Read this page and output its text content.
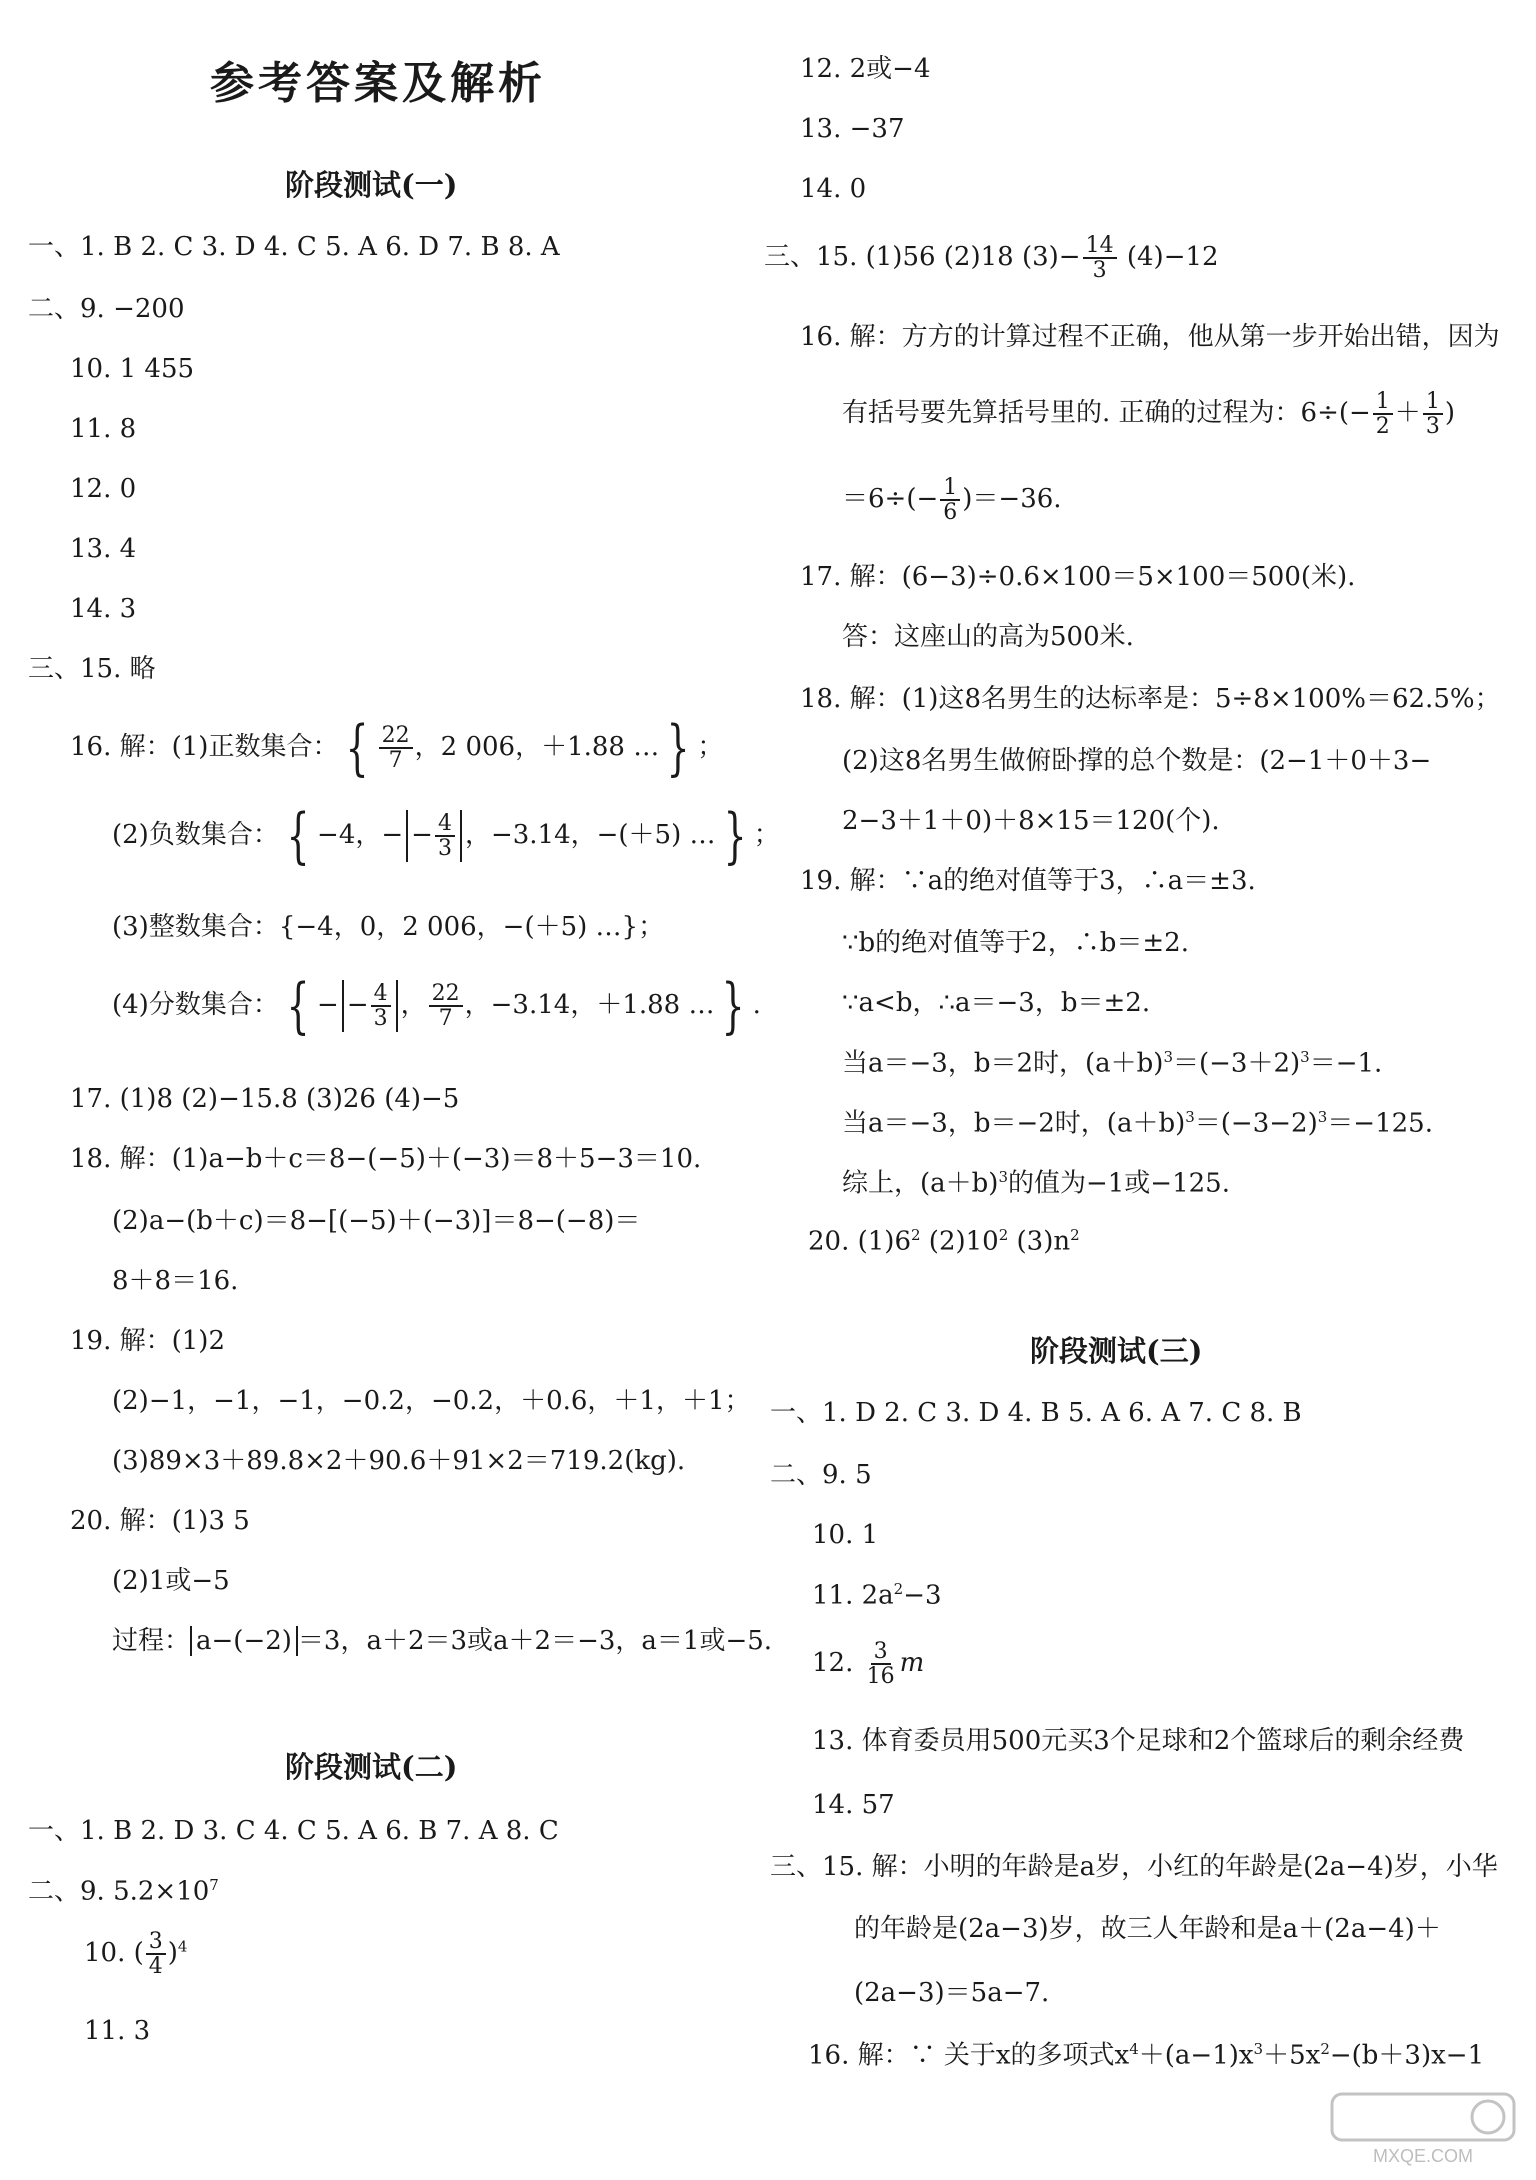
参考答案及解析
阶段测试(一)
一、1. B 2. C 3. D 4. C 5. A 6. D 7. B 8. A
二、9. −200
10. 1 455
11. 8
12. 0
13. 4
14. 3
三、15. 略
16. 解：(1)正数集合： { $\frac{22}{7}$ ，2 006，＋1.88 … } ；
(2)负数集合： { −4，− − $\frac{4}{3}$ ，−3.14，−(＋5) … } ；
(3)整数集合：{−4，0，2 006，−(＋5) …}；
(4)分数集合： { − − $\frac{4}{3}$ ， $\frac{22}{7}$ ，−3.14，＋1.88 … } .
17. (1)8 (2)−15.8 (3)26 (4)−5
18. 解：(1)a−b＋c＝8−(−5)＋(−3)＝8＋5−3＝10.
(2)a−(b＋c)＝8−[(−5)＋(−3)]＝8−(−8)＝
8＋8＝16.
19. 解：(1)2
(2)−1，−1，−1，−0.2，−0.2，＋0.6，＋1，＋1；
(3)89×3＋89.8×2＋90.6＋91×2＝719.2(kg).
20. 解：(1)3 5
(2)1或−5
过程： a−(−2) ＝3，a＋2＝3或a＋2＝−3，a＝1或−5.
阶段测试(二)
一、1. B 2. D 3. C 4. C 5. A 6. B 7. A 8. C
二、9. $5.2\times 10^7$
10. ( $\frac{3}{4} )^4$
11. 3
12. 2或−4
13. −37
14. 0
三、15. (1)56 (2)18 $(3)- \frac{14}{3} (4)-12$
16. 解：方方的计算过程不正确，他从第一步开始出错，因为
有括号要先算括号里的. 正确的过程为：$6\div(- \frac{1}{2} + \frac{1}{3}$ )
$=6\div(- \frac{1}{6} )=-36$.
17. 解：(6−3)÷0.6×100＝5×100＝500(米).
答：这座山的高为500米.
18. 解：(1)这8名男生的达标率是：5÷8×100%＝62.5%；
(2)这8名男生做俯卧撑的总个数是：(2−1＋0＋3−
2−3＋1＋0)＋8×15＝120(个).
19. 解：∵a的绝对值等于3，∴a＝±3.
∵b的绝对值等于2，∴b＝±2.
∵a<b，∴a＝−3，b＝±2.
当a＝−3，b＝2时，$(a+b)^3=(-3+2)^3=-1$.
当a＝−3，b＝−2时，$(a+b)^3=(-3-2)^3=-125$.
综上，$(a+b)^3$的值为−1或−125.
20. $(1)6^2$ $(2)10^2$ $(3)n^2$
阶段测试(三)
一、1. D 2. C 3. D 4. B 5. A 6. A 7. C 8. B
二、9. 5
10. 1
11. $2a^2-3$
12. $\frac{3}{16}$ m
13. 体育委员用500元买3个足球和2个篮球后的剩余经费
14. 57
三、15. 解：小明的年龄是a岁，小红的年龄是(2a−4)岁，小华
的年龄是(2a−3)岁，故三人年龄和是a＋(2a−4)＋
(2a−3)＝5a−7.
16. 解：∵ 关于x的多项式$x^4+(a-1)x^3+5x^2-(b+3)x-1$
MXQE.COM
